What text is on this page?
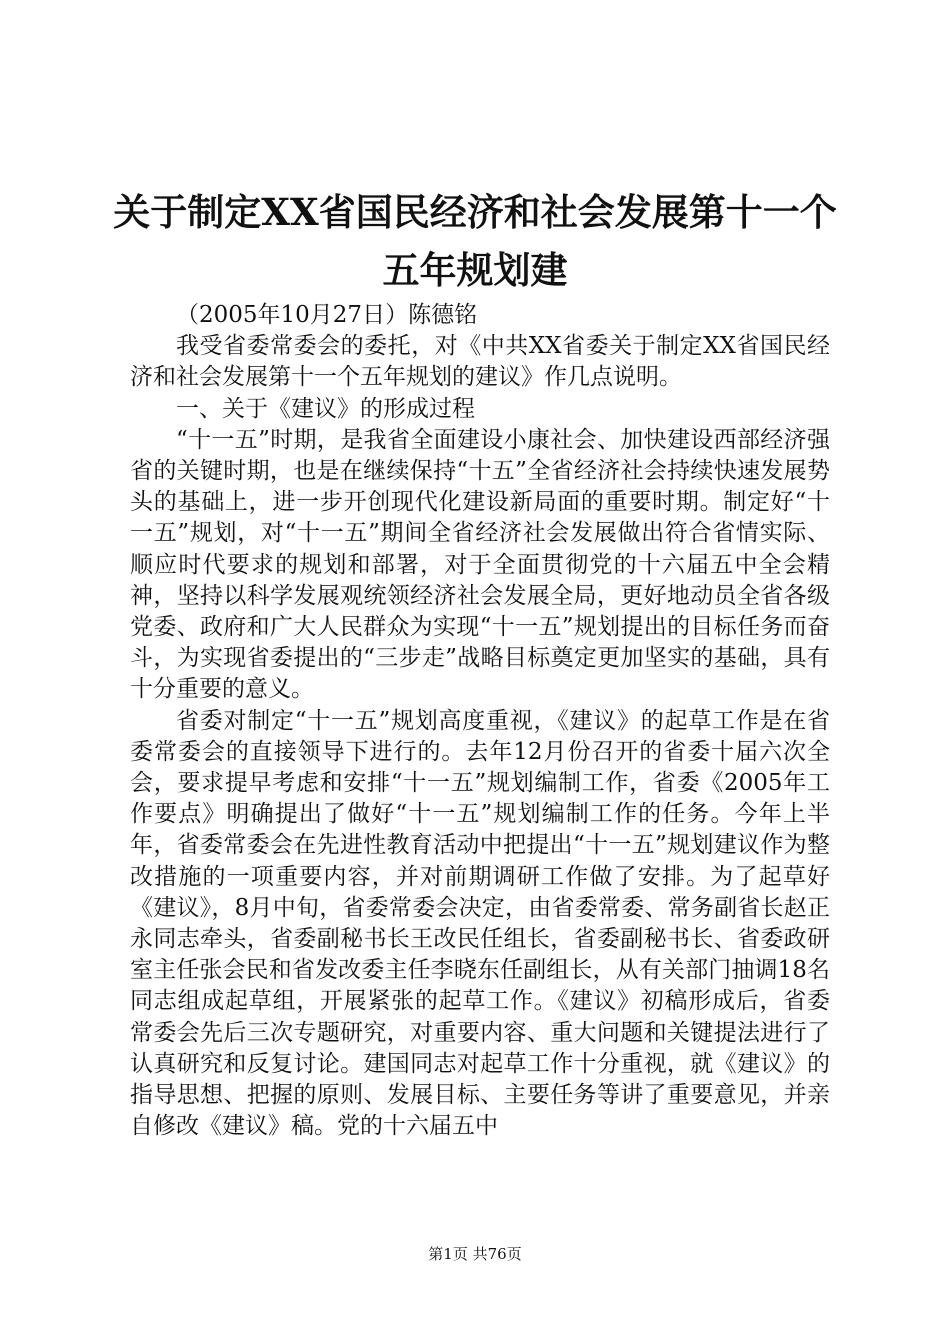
关于制定XX省国民经济和社会发展第十一个
五年规划建

（2005年10月27日）陈德铭

我受省委常委会的委托，对《中共XX省委关于制定XX省国民经济和社会发展第十一个五年规划的建议》作几点说明。

一、关于《建议》的形成过程

“十一五”时期，是我省全面建设小康社会、加快建设西部经济强省的关键时期，也是在继续保持“十五”全省经济社会持续快速发展势头的基础上，进一步开创现代化建设新局面的重要时期。制定好“十一五”规划，对“十一五”期间全省经济社会发展做出符合省情实际、顺应时代要求的规划和部署，对于全面贯彻党的十六届五中全会精神，坚持以科学发展观统领经济社会发展全局，更好地动员全省各级党委、政府和广大人民群众为实现“十一五”规划提出的目标任务而奋斗，为实现省委提出的“三步走”战略目标奠定更加坚实的基础，具有十分重要的意义。

省委对制定“十一五”规划高度重视，《建议》的起草工作是在省委常委会的直接领导下进行的。去年12月份召开的省委十届六次全会，要求提早考虑和安排“十一五”规划编制工作，省委《2005年工作要点》明确提出了做好“十一五”规划编制工作的任务。今年上半年，省委常委会在先进性教育活动中把提出“十一五”规划建议作为整改措施的一项重要内容，并对前期调研工作做了安排。为了起草好《建议》，8月中旬，省委常委会决定，由省委常委、常务副省长赵正永同志牵头，省委副秘书长王改民任组长，省委副秘书长、省委政研室主任张会民和省发改委主任李晓东任副组长，从有关部门抽调18名同志组成起草组，开展紧张的起草工作。《建议》初稿形成后，省委常委会先后三次专题研究，对重要内容、重大问题和关键提法进行了认真研究和反复讨论。建国同志对起草工作十分重视，就《建议》的指导思想、把握的原则、发展目标、主要任务等讲了重要意见，并亲自修改《建议》稿。党的十六届五中

第1页 共76页
